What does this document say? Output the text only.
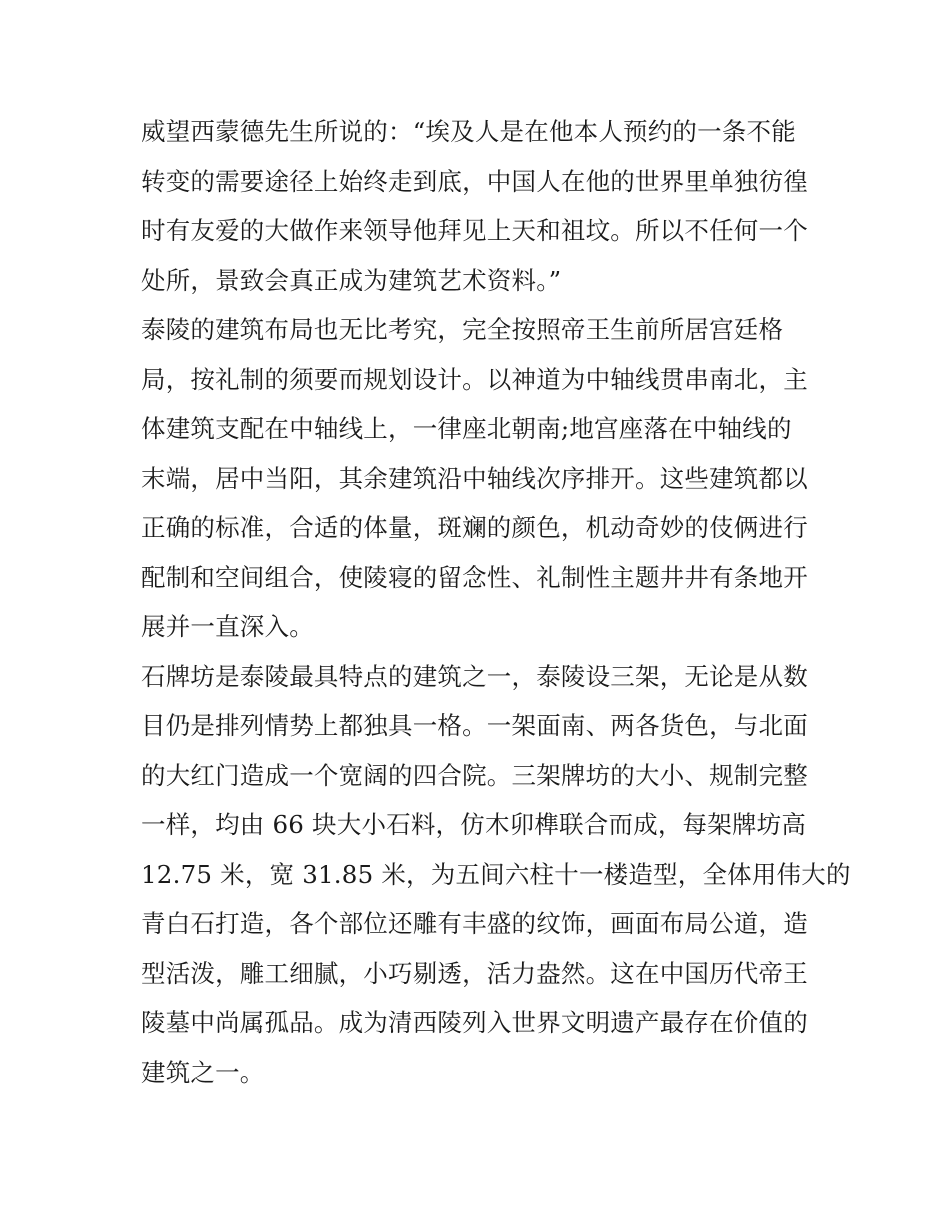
威望西蒙德先生所说的：“埃及人是在他本人预约的一条不能
转变的需要途径上始终走到底，中国人在他的世界里单独彷徨
时有友爱的大做作来领导他拜见上天和祖坟。所以不任何一个
处所，景致会真正成为建筑艺术资料。”
泰陵的建筑布局也无比考究，完全按照帝王生前所居宫廷格
局，按礼制的须要而规划设计。以神道为中轴线贯串南北，主
体建筑支配在中轴线上，一律座北朝南;地宫座落在中轴线的
末端，居中当阳，其余建筑沿中轴线次序排开。这些建筑都以
正确的标准，合适的体量，斑斓的颜色，机动奇妙的伎俩进行
配制和空间组合，使陵寝的留念性、礼制性主题井井有条地开
展并一直深入。
石牌坊是泰陵最具特点的建筑之一，泰陵设三架，无论是从数
目仍是排列情势上都独具一格。一架面南、两各货色，与北面
的大红门造成一个宽阔的四合院。三架牌坊的大小、规制完整
一样，均由 66 块大小石料，仿木卯榫联合而成，每架牌坊高
12.75 米，宽 31.85 米，为五间六柱十一楼造型，全体用伟大的
青白石打造，各个部位还雕有丰盛的纹饰，画面布局公道，造
型活泼，雕工细腻，小巧剔透，活力盎然。这在中国历代帝王
陵墓中尚属孤品。成为清西陵列入世界文明遗产最存在价值的
建筑之一。
